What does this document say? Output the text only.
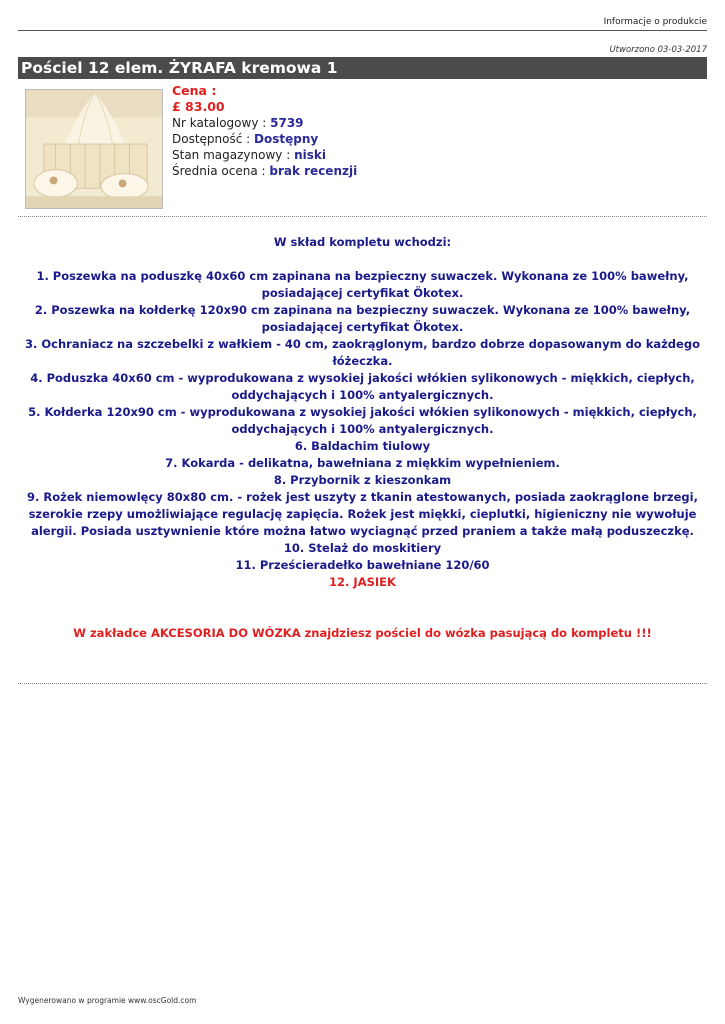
Informacje o produkcie
Utworzono 03-03-2017
Pościel 12 elem. ŻYRAFA kremowa 1
Cena :
£ 83.00
Nr katalogowy : 5739
Dostępność : Dostępny
Stan magazynowy : niski
Średnia ocena : brak recenzji

W skład kompletu wchodzi:

1. Poszewka na poduszkę 40x60 cm zapinana na bezpieczny suwaczek. Wykonana ze 100% bawełny, posiadającej certyfikat Ökotex.

2. Poszewka na kołderkę 120x90 cm zapinana na bezpieczny suwaczek. Wykonana ze 100% bawełny, posiadającej certyfikat Ökotex.

3. Ochraniacz na szczebelki z wałkiem - 40 cm, zaokrąglonym, bardzo dobrze dopasowanym do każdego łóżeczka.

4. Poduszka 40x60 cm - wyprodukowana z wysokiej jakości włókien sylikonowych - miękkich, ciepłych, oddychających i 100% antyalergicznych.

5. Kołderka 120x90 cm - wyprodukowana z wysokiej jakości włókien sylikonowych - miękkich, ciepłych, oddychających i 100% antyalergicznych.

6. Baldachim tiulowy

7. Kokarda - delikatna, bawełniana z miękkim wypełnieniem.

8. Przybornik z kieszonkam

9. Rożek niemowlęcy 80x80 cm. - rożek jest uszyty z tkanin atestowanych, posiada zaokrąglone brzegi, szerokie rzepy umożliwiające regulację zapięcia. Rożek jest miękki, cieplutki, higieniczny nie wywołuje alergii. Posiada usztywnienie które można łatwo wyciagnąć przed praniem a także małą poduszeczkę.

10. Stelaż do moskitiery

11. Prześcieradełko bawełniane 120/60

12. JASIEK

W zakładce AKCESORIA DO WÓZKA znajdziesz pościel do wózka pasującą do kompletu !!!

Wygenerowano w programie www.oscGold.com
